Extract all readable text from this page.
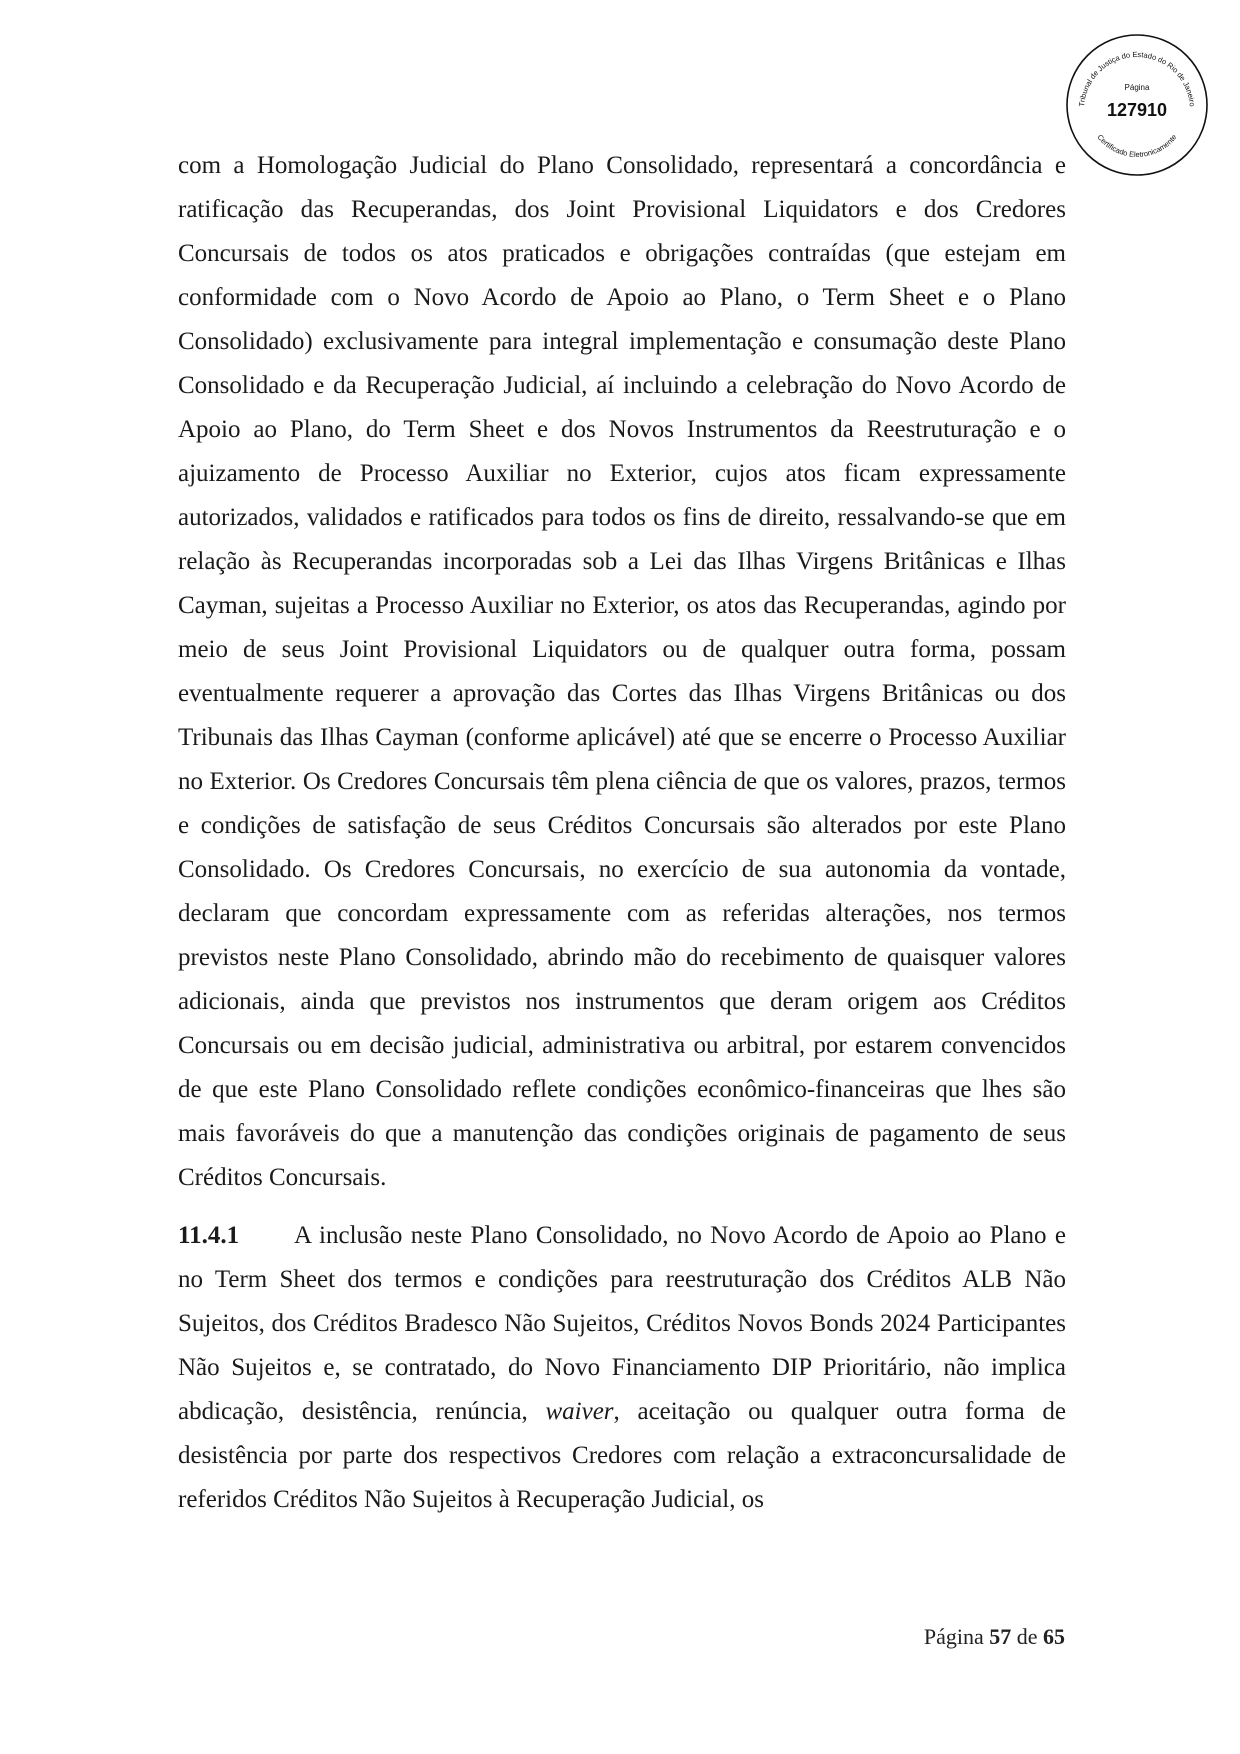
Tribunal de Justiça do Estado do Rio de Janeiro
Certificado Eletronicamente
Página
127910

com a Homologação Judicial do Plano Consolidado, representará a concordância e ratificação das Recuperandas, dos Joint Provisional Liquidators e dos Credores Concursais de todos os atos praticados e obrigações contraídas (que estejam em conformidade com o Novo Acordo de Apoio ao Plano, o Term Sheet e o Plano Consolidado) exclusivamente para integral implementação e consumação deste Plano Consolidado e da Recuperação Judicial, aí incluindo a celebração do Novo Acordo de Apoio ao Plano, do Term Sheet e dos Novos Instrumentos da Reestruturação e o ajuizamento de Processo Auxiliar no Exterior, cujos atos ficam expressamente autorizados, validados e ratificados para todos os fins de direito, ressalvando-se que em relação às Recuperandas incorporadas sob a Lei das Ilhas Virgens Britânicas e Ilhas Cayman, sujeitas a Processo Auxiliar no Exterior, os atos das Recuperandas, agindo por meio de seus Joint Provisional Liquidators ou de qualquer outra forma, possam eventualmente requerer a aprovação das Cortes das Ilhas Virgens Britânicas ou dos Tribunais das Ilhas Cayman (conforme aplicável) até que se encerre o Processo Auxiliar no Exterior. Os Credores Concursais têm plena ciência de que os valores, prazos, termos e condições de satisfação de seus Créditos Concursais são alterados por este Plano Consolidado. Os Credores Concursais, no exercício de sua autonomia da vontade, declaram que concordam expressamente com as referidas alterações, nos termos previstos neste Plano Consolidado, abrindo mão do recebimento de quaisquer valores adicionais, ainda que previstos nos instrumentos que deram origem aos Créditos Concursais ou em decisão judicial, administrativa ou arbitral, por estarem convencidos de que este Plano Consolidado reflete condições econômico-financeiras que lhes são mais favoráveis do que a manutenção das condições originais de pagamento de seus Créditos Concursais.

11.4.1 A inclusão neste Plano Consolidado, no Novo Acordo de Apoio ao Plano e no Term Sheet dos termos e condições para reestruturação dos Créditos ALB Não Sujeitos, dos Créditos Bradesco Não Sujeitos, Créditos Novos Bonds 2024 Participantes Não Sujeitos e, se contratado, do Novo Financiamento DIP Prioritário, não implica abdicação, desistência, renúncia, waiver, aceitação ou qualquer outra forma de desistência por parte dos respectivos Credores com relação a extraconcursalidade de referidos Créditos Não Sujeitos à Recuperação Judicial, os

Página 57 de 65
